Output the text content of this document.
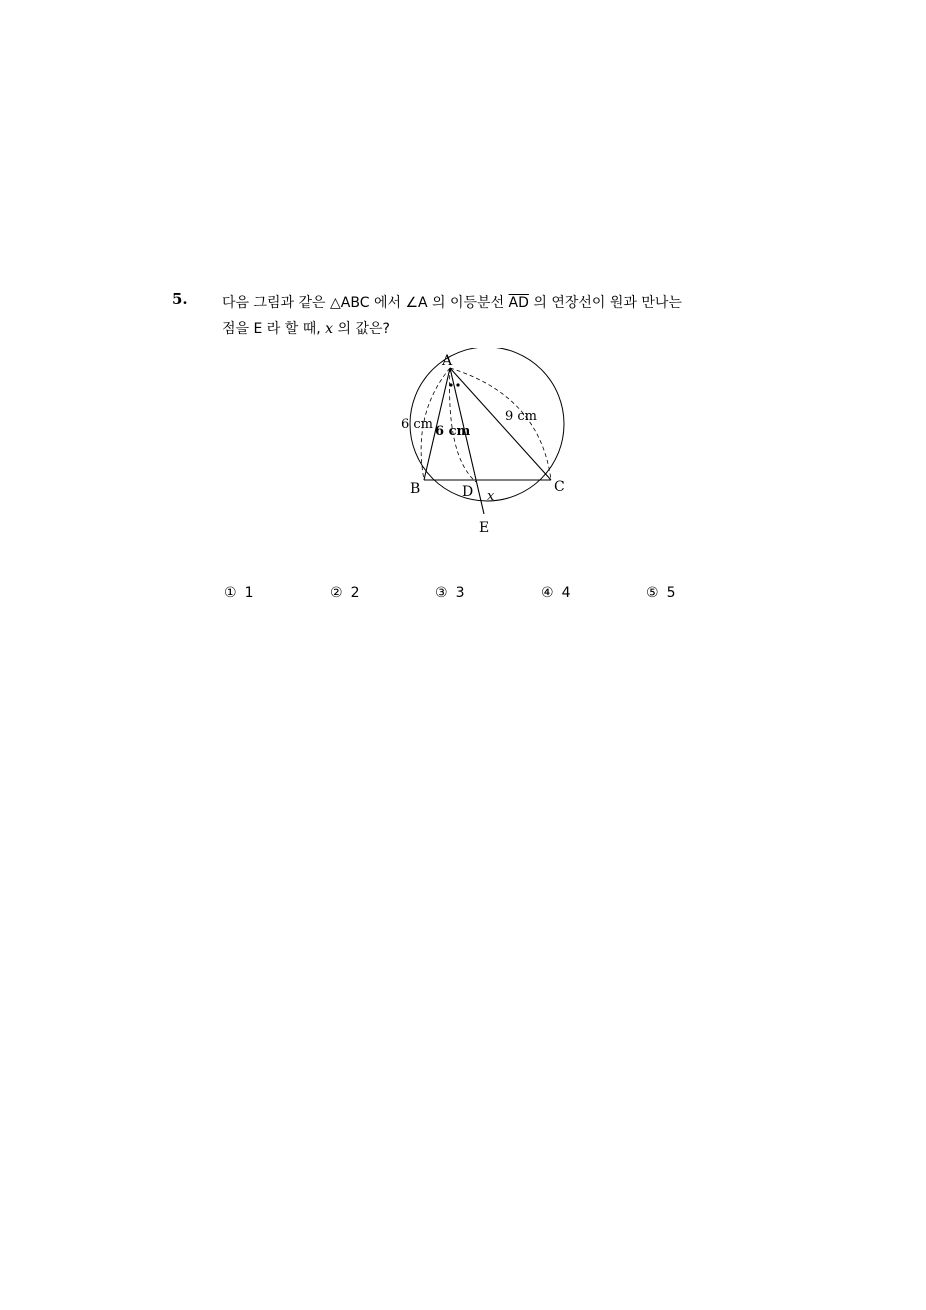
5. 다음 그림과 같은 △ABC 에서 ∠A 의 이등분선 $\overline{AD}$ 의 연장선이 원과 만나는
점을 E 라 할 때, x 의 값은?
A
B	C
D
E
6 cm 6 cm
9 cm
x
① 1	② 2	③ 3	④ 4	⑤ 5
